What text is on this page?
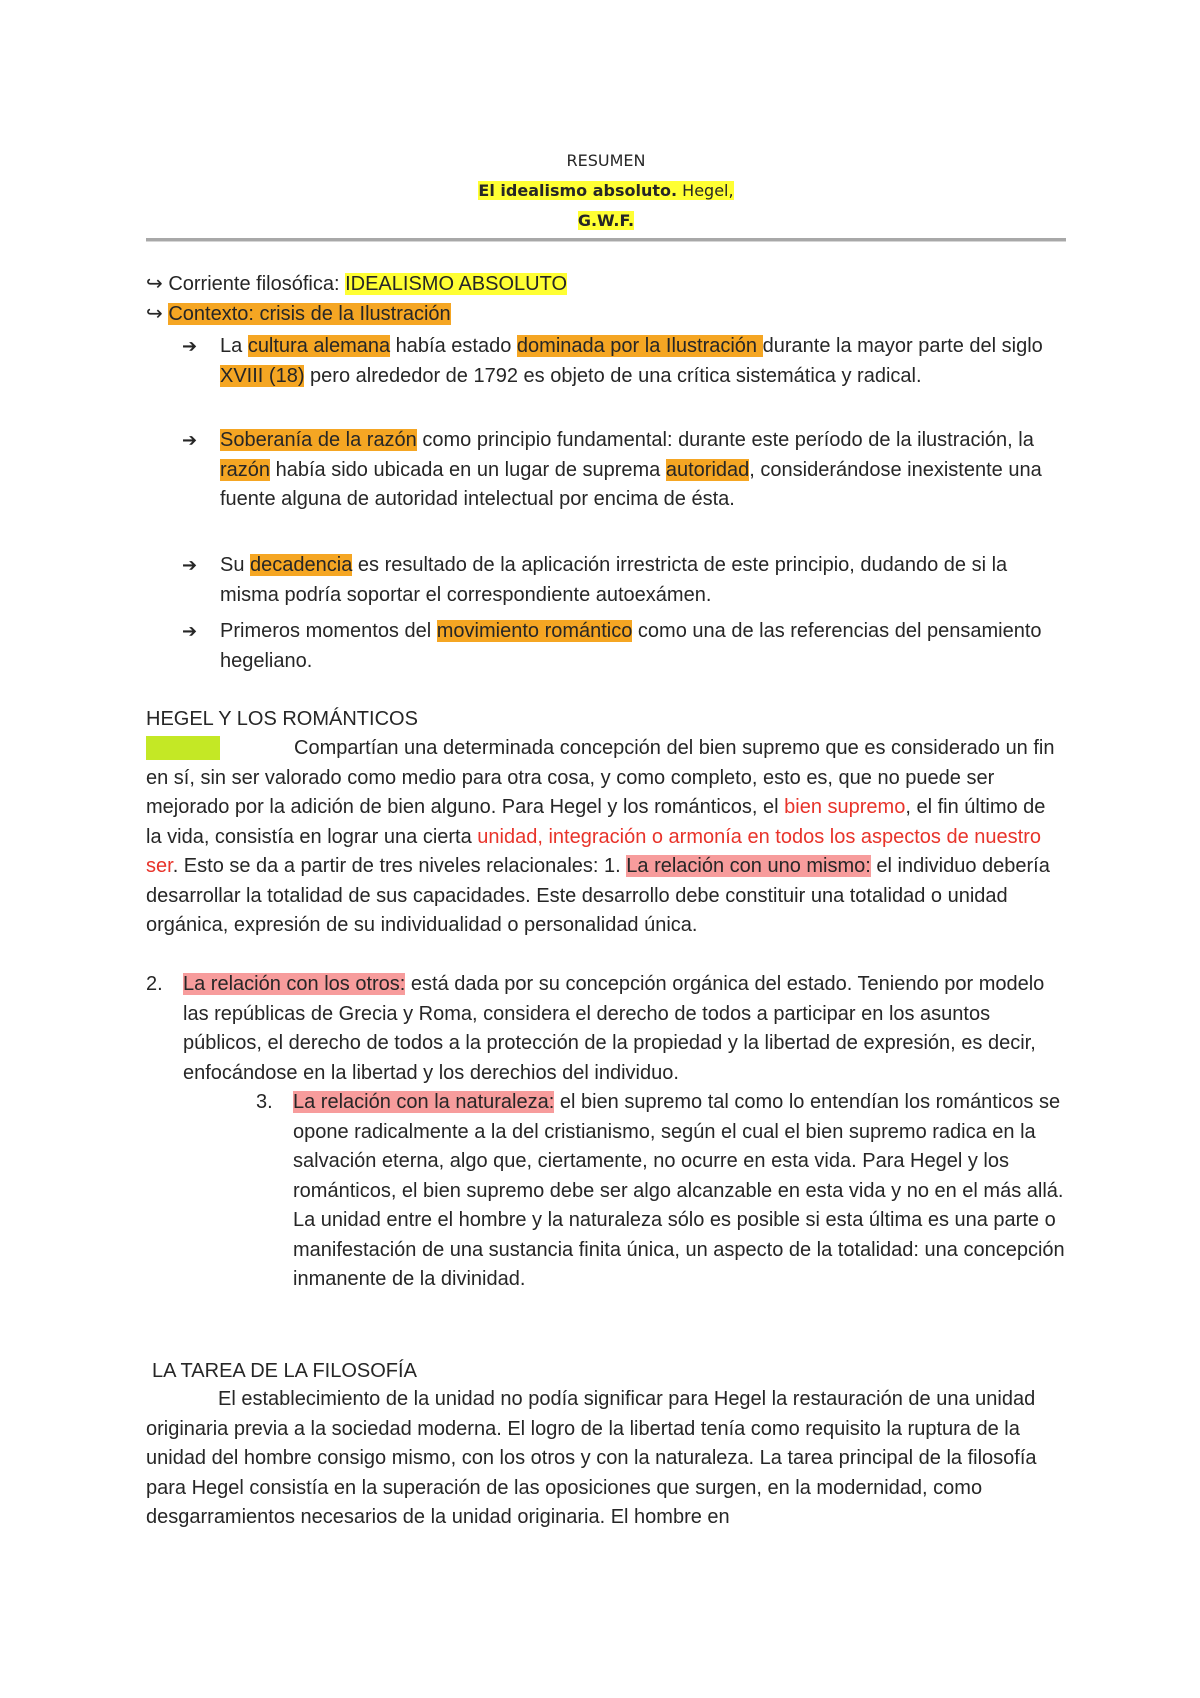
RESUMEN
El idealismo absoluto. Hegel,
G.W.F.
↪ Corriente filosófica: IDEALISMO ABSOLUTO
↪ Contexto: crisis de la Ilustración
➔ La cultura alemana había estado dominada por la Ilustración durante la mayor parte del siglo XVIII (18) pero alrededor de 1792 es objeto de una crítica sistemática y radical.
➔ Soberanía de la razón como principio fundamental: durante este período de la ilustración, la razón había sido ubicada en un lugar de suprema autoridad, considerándose inexistente una fuente alguna de autoridad intelectual por encima de ésta.
➔ Su decadencia es resultado de la aplicación irrestricta de este principio, dudando de si la misma podría soportar el correspondiente autoexámen.
➔ Primeros momentos del movimiento romántico como una de las referencias del pensamiento hegeliano.
HEGEL Y LOS ROMÁNTICOS
Compartían una determinada concepción del bien supremo que es considerado un fin en sí, sin ser valorado como medio para otra cosa, y como completo, esto es, que no puede ser mejorado por la adición de bien alguno. Para Hegel y los románticos, el bien supremo, el fin último de la vida, consistía en lograr una cierta unidad, integración o armonía en todos los aspectos de nuestro ser. Esto se da a partir de tres niveles relacionales: 1. La relación con uno mismo: el individuo debería desarrollar la totalidad de sus capacidades. Este desarrollo debe constituir una totalidad o unidad orgánica, expresión de su individualidad o personalidad única.
2. La relación con los otros: está dada por su concepción orgánica del estado. Teniendo por modelo las repúblicas de Grecia y Roma, considera el derecho de todos a participar en los asuntos públicos, el derecho de todos a la protección de la propiedad y la libertad de expresión, es decir, enfocándose en la libertad y los derechios del individuo.
3. La relación con la naturaleza: el bien supremo tal como lo entendían los románticos se opone radicalmente a la del cristianismo, según el cual el bien supremo radica en la salvación eterna, algo que, ciertamente, no ocurre en esta vida. Para Hegel y los románticos, el bien supremo debe ser algo alcanzable en esta vida y no en el más allá. La unidad entre el hombre y la naturaleza sólo es posible si esta última es una parte o manifestación de una sustancia finita única, un aspecto de la totalidad: una concepción inmanente de la divinidad.
LA TAREA DE LA FILOSOFÍA
El establecimiento de la unidad no podía significar para Hegel la restauración de una unidad originaria previa a la sociedad moderna. El logro de la libertad tenía como requisito la ruptura de la unidad del hombre consigo mismo, con los otros y con la naturaleza. La tarea principal de la filosofía para Hegel consistía en la superación de las oposiciones que surgen, en la modernidad, como desgarramientos necesarios de la unidad originaria. El hombre en
